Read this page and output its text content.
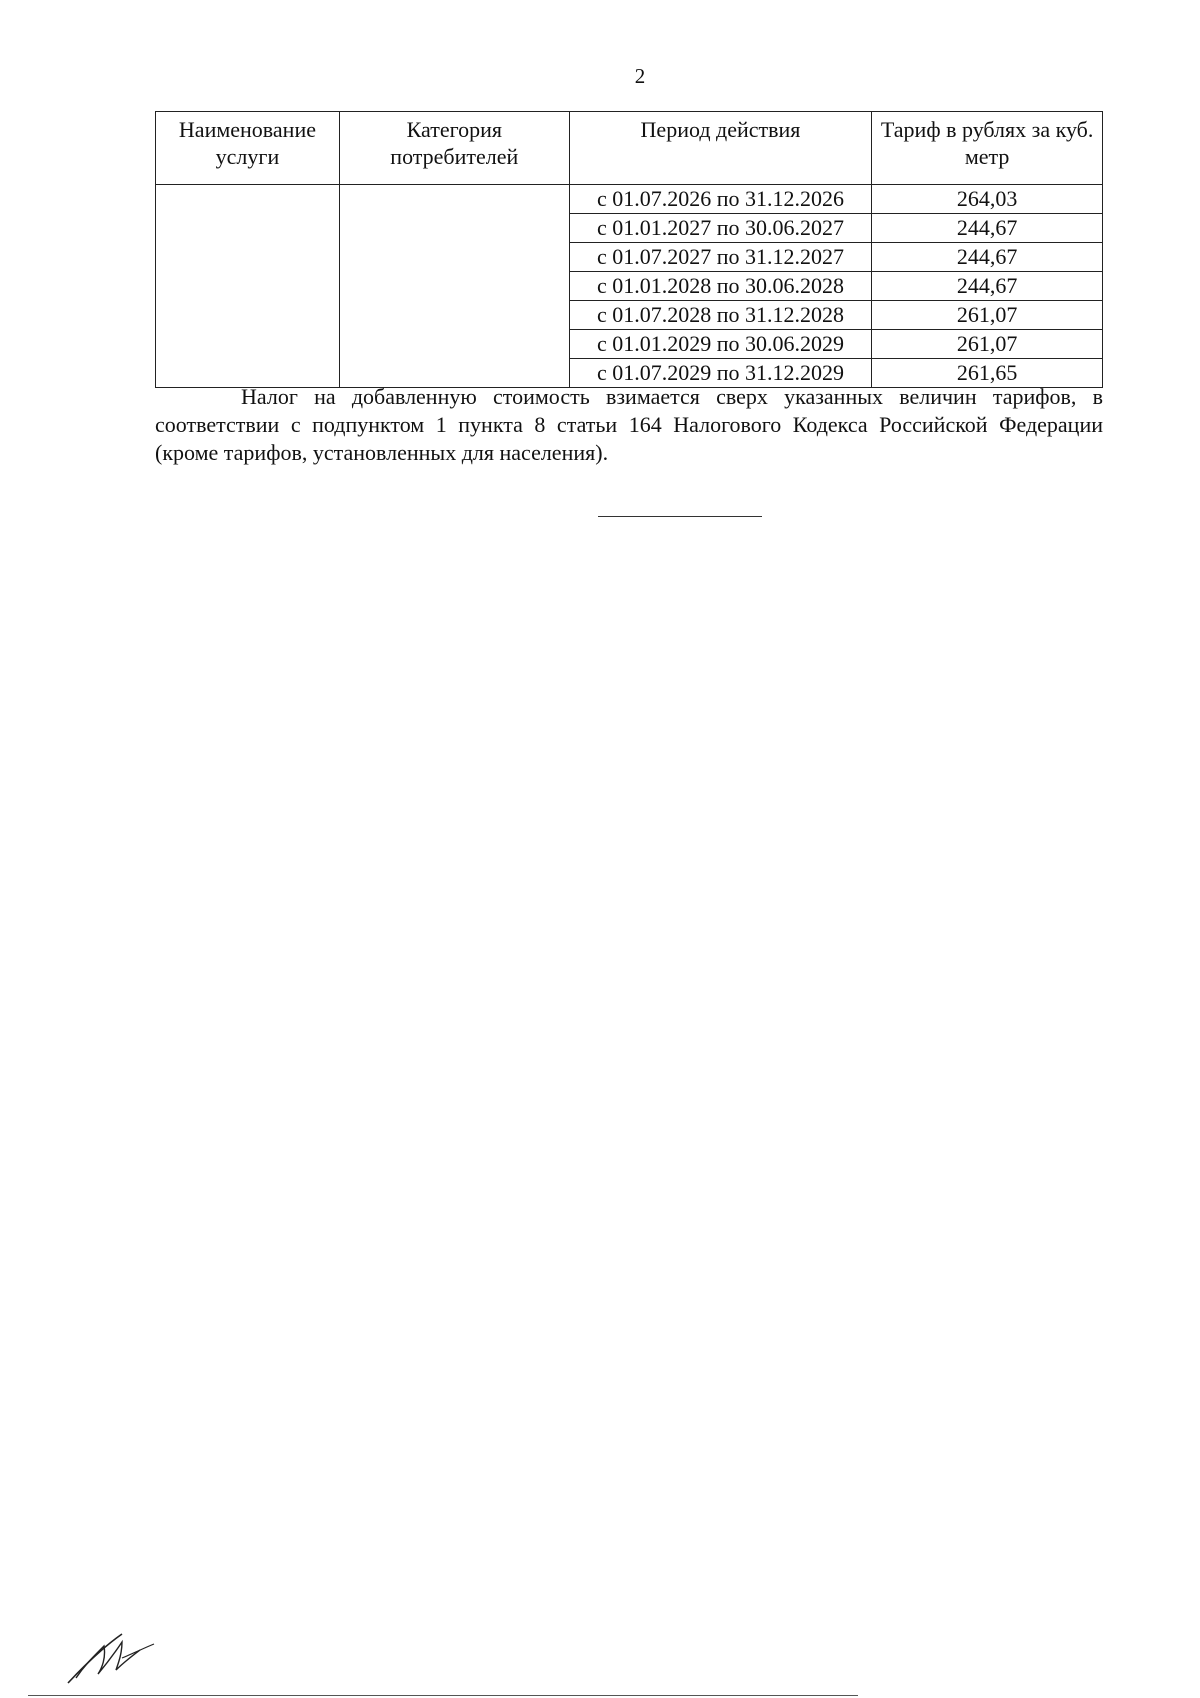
2
Наименование услуги	Категория потребителей	Период действия	Тариф в рублях за куб. метр
		с 01.07.2026 по 31.12.2026	264,03
		с 01.01.2027 по 30.06.2027	244,67
		с 01.07.2027 по 31.12.2027	244,67
		с 01.01.2028 по 30.06.2028	244,67
		с 01.07.2028 по 31.12.2028	261,07
		с 01.01.2029 по 30.06.2029	261,07
		с 01.07.2029 по 31.12.2029	261,65

Налог на добавленную стоимость взимается сверх указанных величин тарифов, в соответствии с подпунктом 1 пункта 8 статьи 164 Налогового Кодекса Российской Федерации (кроме тарифов, установленных для населения).
